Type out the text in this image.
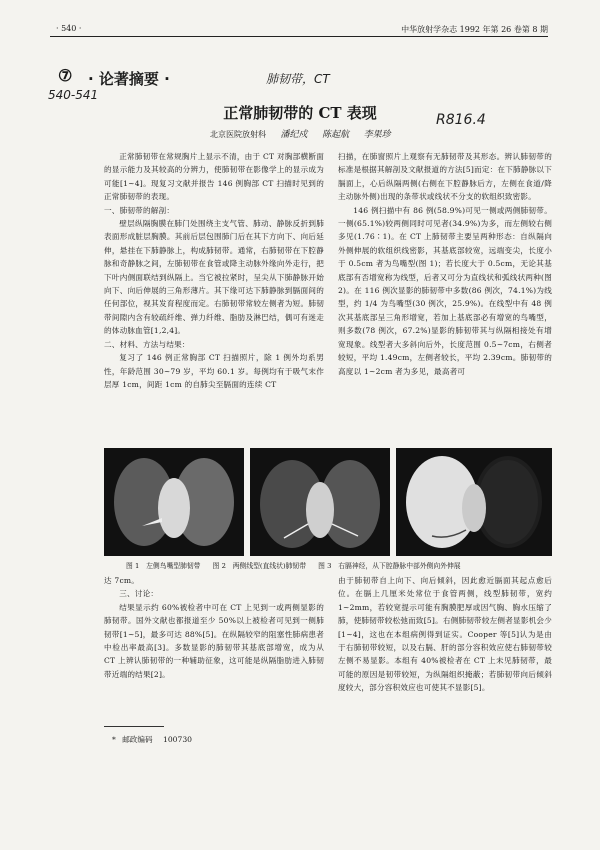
· 540 ·	中华放射学杂志 1992 年第 26 卷第 8 期
⑦ · 论著摘要 ·
540-541
肺韧带，CT
R816.4
正常肺韧带的 CT 表现
北京医院放射科 潘纪戍 陈起航 李果珍

正常肺韧带在常规胸片上显示不清，由于 CT 对胸部横断面的显示能力及其较高的分辨力，使肺韧带在影像学上的显示成为可能[1~4]。现复习文献并报告 146 例胸部 CT 扫描时见到的正常肺韧带的表现。

一、肺韧带的解剖：

壁层纵隔胸膜在肺门处围绕主支气管、肺动、静脉反折到肺表面形成脏层胸膜。其前后层包围肺门后在其下方向下、向后延伸，悬挂在下肺静脉上，构成肺韧带。通常，右肺韧带在下腔静脉和奇静脉之间，左肺韧带在食管或降主动脉外缘向外走行，把下叶内侧面联结到纵隔上。当它被拉紧时，呈尖从下肺静脉开始向下、向后伸展的三角形薄片。其下缘可达下肺静脉到膈面间的任何部位，视其发育程度而定。右肺韧带常较左侧者为短。肺韧带间隙内含有较疏纤维、弹力纤维、脂肪及淋巴结，偶可有迷走的体动脉血管[1,2,4]。

二、材料、方法与结果：

复习了 146 例正常胸部 CT 扫描照片，除 1 例外均系男性，年龄范围 30~79 岁，平均 60.1 岁。每例均有于吸气末作层厚 1cm，间距 1cm 的自肺尖至膈面的连续 CT

扫描，在肺窗照片上观察有无肺韧带及其形态。辨认肺韧带的标准是根据其解剖及文献报道的方法[5]而定：在下肺静脉以下膈面上，心后纵隔两侧(右侧在下腔静脉后方，左侧在食道/降主动脉外侧)出现的条带状或线状不分支的软组织致密影。

146 例扫描中有 86 例(58.9%)可见一侧或两侧肺韧带。一侧(65.1%)较两侧同时可见者(34.9%)为多，而左侧较右侧多见(1.76∶1)。在 CT 上肺韧带主要呈两种形态：自纵隔向外侧伸展的软组织线密影，其基底部较宽，远端变尖，长度小于 0.5cm 者为鸟嘴型(图 1)；若长度大于 0.5cm，无论其基底部有否增宽称为线型，后者又可分为直线状和弧线状两种(图 2)。在 116 例次显影的肺韧带中多数(86 例次，74.1%)为线型，约 1/4 为鸟嘴型(30 例次，25.9%)。在线型中有 48 例次其基底部呈三角形增宽，若加上基底部必有增宽的鸟嘴型，则多数(78 例次，67.2%)显影的肺韧带其与纵隔相接处有增宽现象。线型者大多斜向后外，长度范围 0.5~7cm，右侧者较短，平均 1.49cm，左侧者较长，平均 2.39cm。肺韧带的高度以 1~2cm 者为多见，最高者可

图 1　左侧鸟嘴型肺韧带 图 2　两侧线型(直线状)肺韧带 图 3　右膈神经，从下腔静脉中部外侧向外伸展

达 7cm。

三、讨论：

结果显示约 60%被检者中可在 CT 上见到一或两侧显影的肺韧带。国外文献也都报道至少 50%以上被检者可见到一侧肺韧带[1~5]，最多可达 88%[5]。在纵隔较窄的阻塞性肺病患者中检出率最高[3]。多数显影的肺韧带其基底部增宽，成为从 CT 上辨认肺韧带的一种辅助征象，这可能是纵隔脂肪进入肺韧带近端的结果[2]。

* 邮政编码 100730

由于肺韧带自上向下、向后倾斜，因此愈近膈面其起点愈后位。在膈上几厘米处常位于食管两侧，线型肺韧带，宽约 1~2mm，若较宽提示可能有胸膜肥厚或因气胸、胸水压缩了肺，使肺韧带较松弛而致[5]。右侧肺韧带较左侧者显影机会少[1~4]，这也在本组病例得到证实。Cooper 等[5]认为是由于右肺韧带较短，以及右膈、肝的部分容积效应使右肺韧带较左侧不易显影。本组有 40%被检者在 CT 上未见肺韧带，最可能的原因是韧带较短，为纵隔组织掩蔽；若肺韧带向后倾斜度较大，部分容积效应也可使其不显影[5]。
